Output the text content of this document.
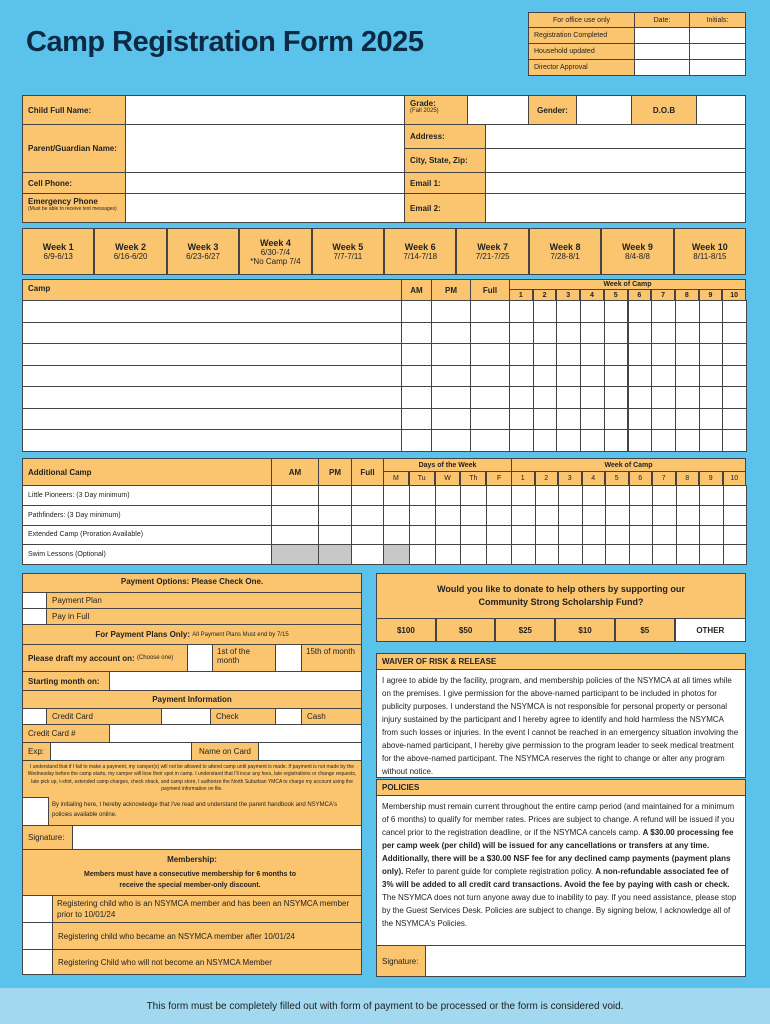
Camp Registration Form 2025
For office use only	Date:	Initials:
Registration Completed
Household updated
Director Approval
Child Full Name:
Grade:
(Fall 2025)	Gender:	D.O.B
Parent/Guardian Name:
Address:
City, State, Zip:
Cell Phone:	Email 1:
Emergency Phone
(Must be able to receive text messages)	Email 2:
Week 1
6/9-6/13
Week 2
6/16-6/20
Week 3
6/23-6/27
Week 4
6/30-7/4
*No Camp 7/4
Week 5
7/7-7/11
Week 6
7/14-7/18
Week 7
7/21-7/25
Week 8
7/28-8/1
Week 9
8/4-8/8
Week 10
8/11-8/15
Camp	AM	PM	Full
Week of Camp
1	2	3	4	5	6	7	8	9	10
Additional Camp	AM	PM	Full
Days of the Week
M	Tu	W	Th	F
Week of Camp
1	2	3	4	5	6	7	8	9	10
Little Pioneers: (3 Day minimum)
Pathfinders: (3 Day minimum)
Extended Camp (Proration Available)
Swim Lessons (Optional)
Payment Options: Please Check One.
Payment Plan
Pay in Full
For Payment Plans Only:
All Payment Plans Must end by 7/15
Please draft my account on:
(Choose one)
1st of the month
15th of month
Starting month on:
Payment Information
Credit Card	Check	Cash
Credit Card #
Exp:	Name on Card
I understand that if I fail to make a payment, my camper(s) will not be allowed to attend camp until payment is made. If payment is not made by the Wednesday before the camp starts, my camper will lose their spot in camp. I understand that I'll incur any fees, late registrations or change requests, late pick up, t-shirt, extended camp charges, check shack, and camp store, I authorize the North Suburban YMCA to charge my account using the payment information on file.
By initialing here, I hereby acknowledge that I've read and understand the parent handbook and NSYMCA's policies available online.
Signature:
Membership:
Members must have a consecutive membership for 6 months to receive the special member-only discount.
Registering child who is an NSYMCA member and has been an NSYMCA member prior to 10/01/24
Registering child who became an NSYMCA member after 10/01/24
Registering Child who will not become an NSYMCA Member
Would you like to donate to help others by supporting our Community Strong Scholarship Fund?
$100	$50	$25	$10	$5	OTHER
WAIVER OF RISK & RELEASE
I agree to abide by the facility, program, and membership policies of the NSYMCA at all times while on the premises. I give permission for the above-named participant to be included in photos for publicity purposes. I understand the NSYMCA is not responsible for personal property or personal injury sustained by the participant and I hereby agree to identify and hold harmless the NSYMCA from such losses or injuries. In the event I cannot be reached in an emergency situation involving the above-named participant, I hereby give permission to the program leader to seek medical treatment for the above-named participant. The NSYMCA reserves the right to change or alter any program without notice.
POLICIES
Membership must remain current throughout the entire camp period (and maintained for a minimum of 6 months) to qualify for member rates. Prices are subject to change. A refund will be issued if you cancel prior to the registration deadline, or if the NSYMCA cancels camp. A $30.00 processing fee per camp week (per child) will be issued for any cancellations or transfers at any time. Additionally, there will be a $30.00 NSF fee for any declined camp payments (payment plans only). Refer to parent guide for complete registration policy. A non-refundable associated fee of 3% will be added to all credit card transactions. Avoid the fee by paying with cash or check. The NSYMCA does not turn anyone away due to inability to pay. If you need assistance, please stop by the Guest Services Desk. Policies are subject to change. By signing below, I acknowledge all of the NSYMCA's Policies.
Signature:
This form must be completely filled out with form of payment to be processed or the form is considered void.
